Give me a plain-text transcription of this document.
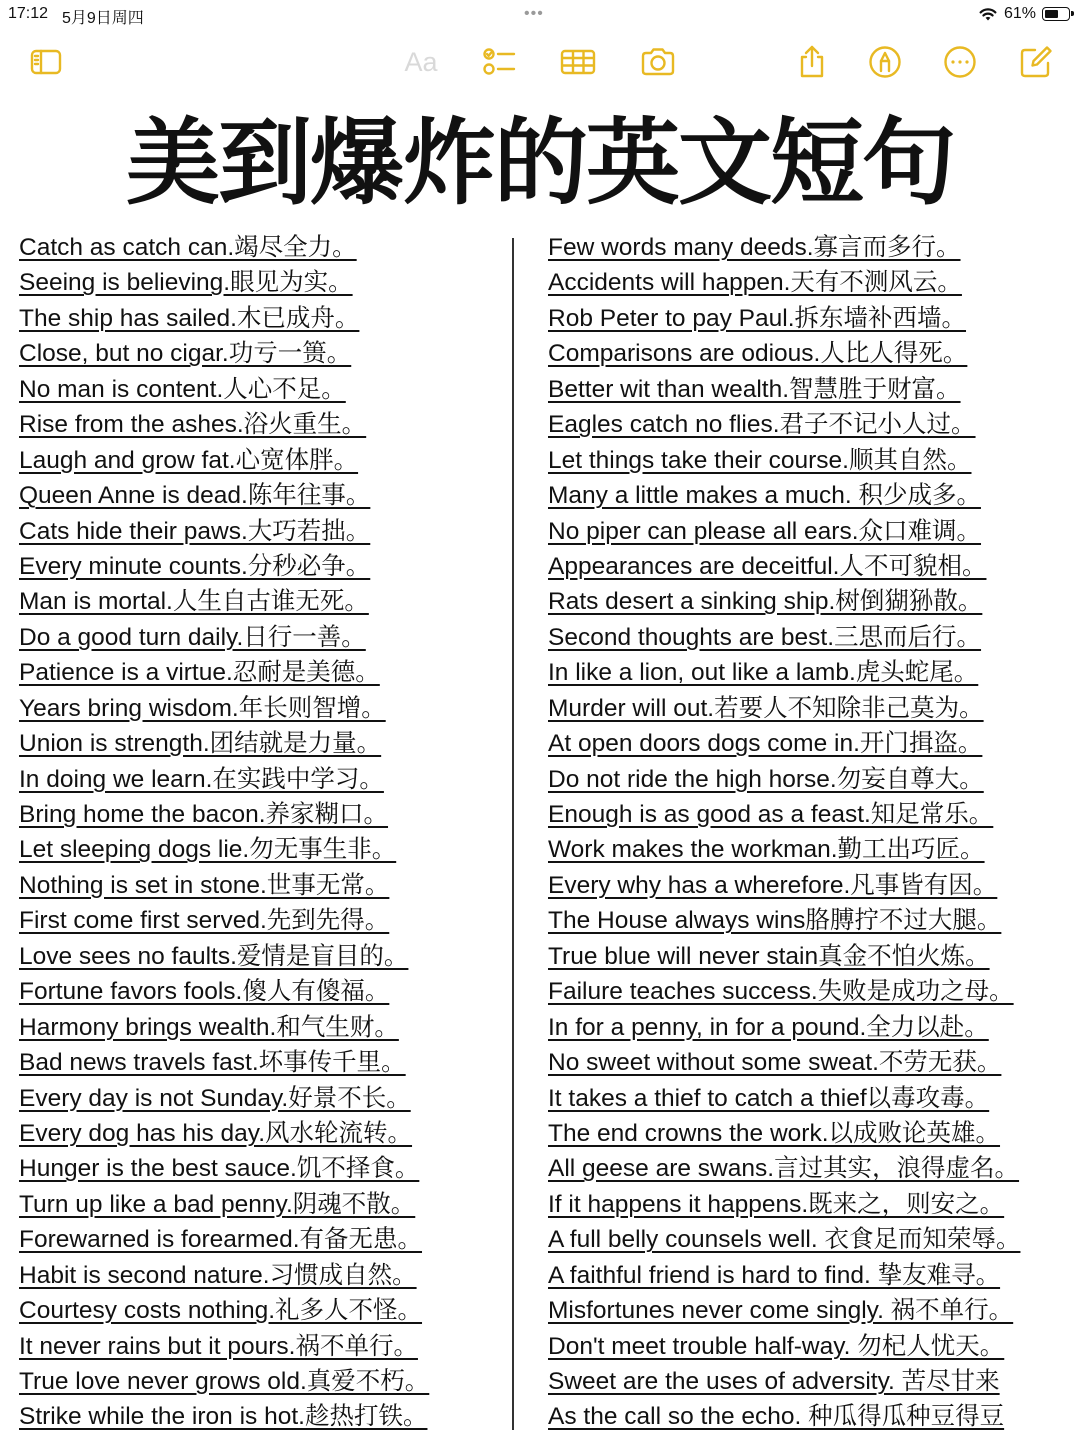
17:12 5月9日周四	•••	61%
Aa
美到爆炸的英文短句
Catch as catch can.竭尽全力。
Seeing is believing.眼见为实。
The ship has sailed.木已成舟。
Close, but no cigar.功亏一篑。
No man is content.人心不足。
Rise from the ashes.浴火重生。
Laugh and grow fat.心宽体胖。
Queen Anne is dead.陈年往事。
Cats hide their paws.大巧若拙。
Every minute counts.分秒必争。
Man is mortal.人生自古谁无死。
Do a good turn daily.日行一善。
Patience is a virtue.忍耐是美德。
Years bring wisdom.年长则智增。
Union is strength.团结就是力量。
In doing we learn.在实践中学习。
Bring home the bacon.养家糊口。
Let sleeping dogs lie.勿无事生非。
Nothing is set in stone.世事无常。
First come first served.先到先得。
Love sees no faults.爱情是盲目的。
Fortune favors fools.傻人有傻福。
Harmony brings wealth.和气生财。
Bad news travels fast.坏事传千里。
Every day is not Sunday.好景不长。
Every dog has his day.风水轮流转。
Hunger is the best sauce.饥不择食。
Turn up like a bad penny.阴魂不散。
Forewarned is forearmed.有备无患。
Habit is second nature.习惯成自然。
Courtesy costs nothing.礼多人不怪。
It never rains but it pours.祸不单行。
True love never grows old.真爱不朽。
Strike while the iron is hot.趁热打铁。
Few words many deeds.寡言而多行。
Accidents will happen.天有不测风云。
Rob Peter to pay Paul.拆东墙补西墙。
Comparisons are odious.人比人得死。
Better wit than wealth.智慧胜于财富。
Eagles catch no flies.君子不记小人过。
Let things take their course.顺其自然。
Many a little makes a much. 积少成多。
No piper can please all ears.众口难调。
Appearances are deceitful.人不可貌相。
Rats desert a sinking ship.树倒猢狲散。
Second thoughts are best.三思而后行。
In like a lion, out like a lamb.虎头蛇尾。
Murder will out.若要人不知除非己莫为。
At open doors dogs come in.开门揖盗。
Do not ride the high horse.勿妄自尊大。
Enough is as good as a feast.知足常乐。
Work makes the workman.勤工出巧匠。
Every why has a wherefore.凡事皆有因。
The House always wins胳膊拧不过大腿。
True blue will never stain真金不怕火炼。
Failure teaches success.失败是成功之母。
In for a penny, in for a pound.全力以赴。
No sweet without some sweat.不劳无获。
It takes a thief to catch a thief以毒攻毒。
The end crowns the work.以成败论英雄。
All geese are swans.言过其实，浪得虚名。
If it happens it happens.既来之，则安之。
A full belly counsels well. 衣食足而知荣辱。
A faithful friend is hard to find. 挚友难寻。
Misfortunes never come singly. 祸不单行。
Don't meet trouble half-way. 勿杞人忧天。
Sweet are the uses of adversity. 苦尽甘来
As the call so the echo. 种瓜得瓜种豆得豆
